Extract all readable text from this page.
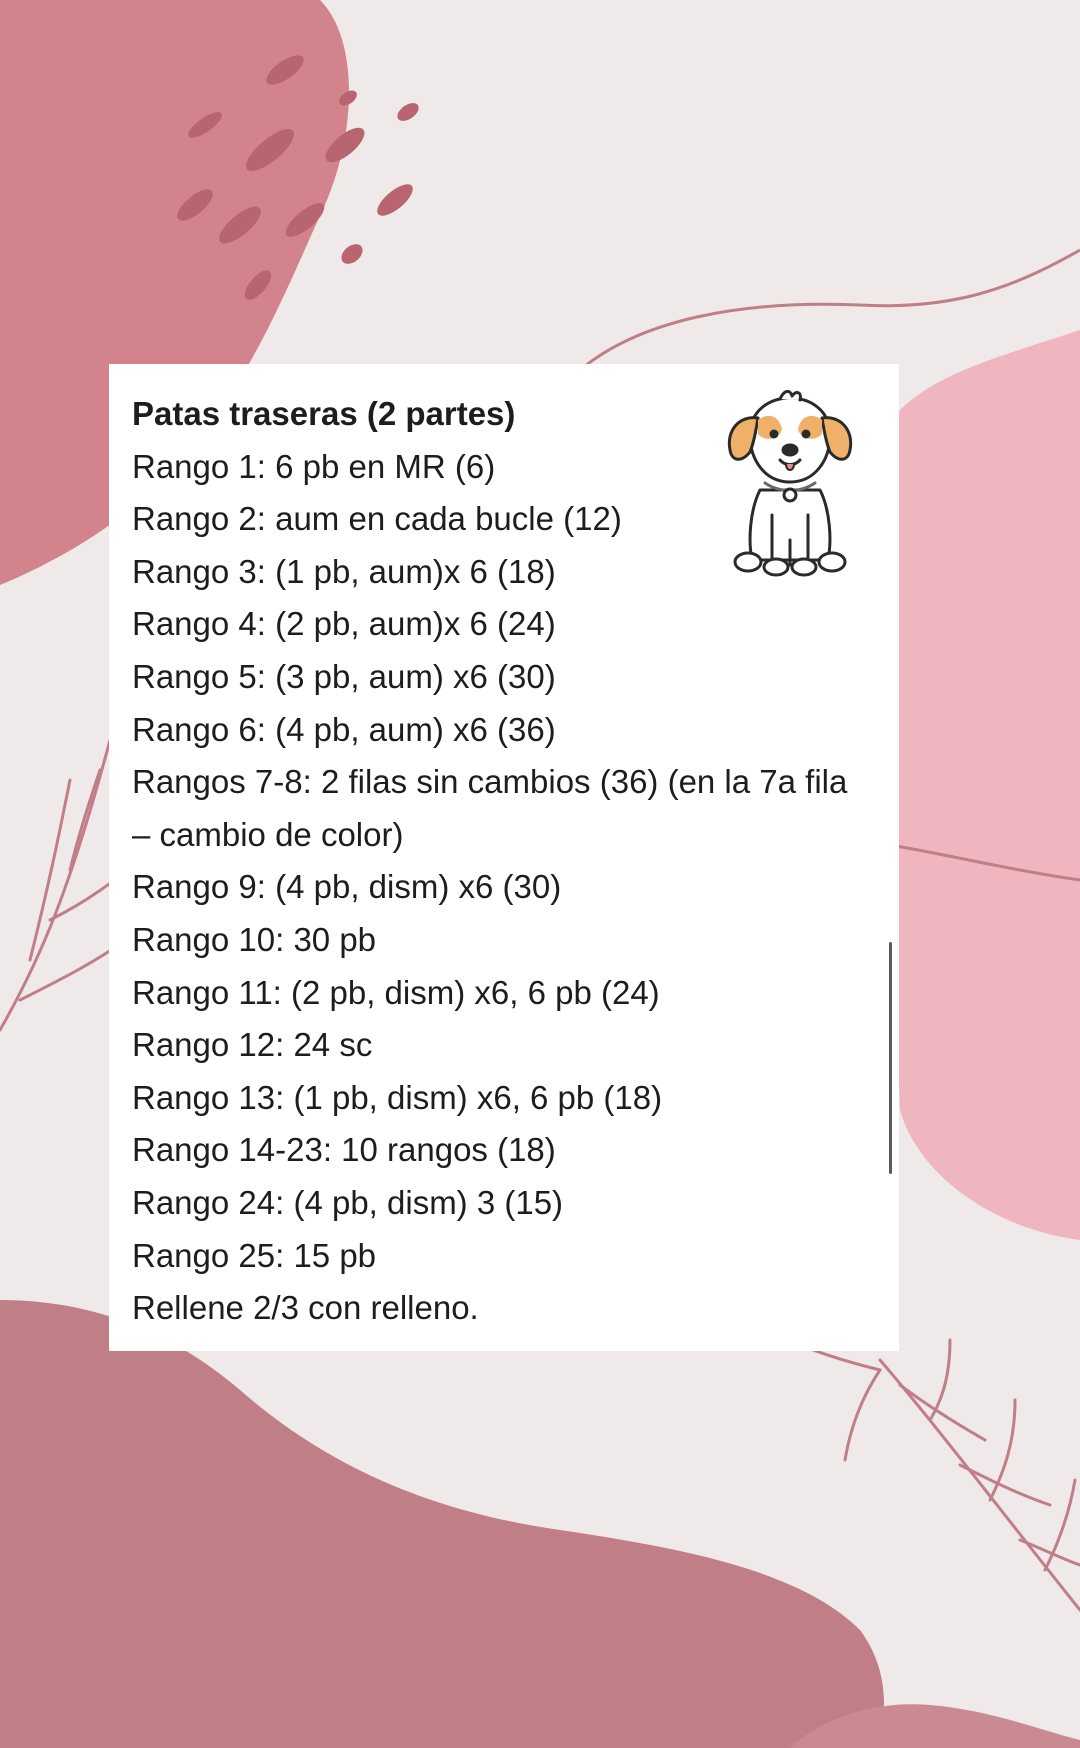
Patas traseras (2 partes)
Rango 1: 6 pb en MR (6)
Rango 2: aum en cada bucle (12)
Rango 3: (1 pb, aum)x 6 (18)
Rango 4: (2 pb, aum)x 6 (24)
Rango 5: (3 pb, aum) x6 (30)
Rango 6: (4 pb, aum) x6 (36)
Rangos 7-8: 2 filas sin cambios (36) (en la 7a fila
– cambio de color)
Rango 9: (4 pb, dism) x6 (30)
Rango 10: 30 pb
Rango 11: (2 pb, dism) x6, 6 pb (24)
Rango 12: 24 sc
Rango 13: (1 pb, dism) x6, 6 pb (18)
Rango 14-23: 10 rangos (18)
Rango 24: (4 pb, dism) 3 (15)
Rango 25: 15 pb
Rellene 2/3 con relleno.
